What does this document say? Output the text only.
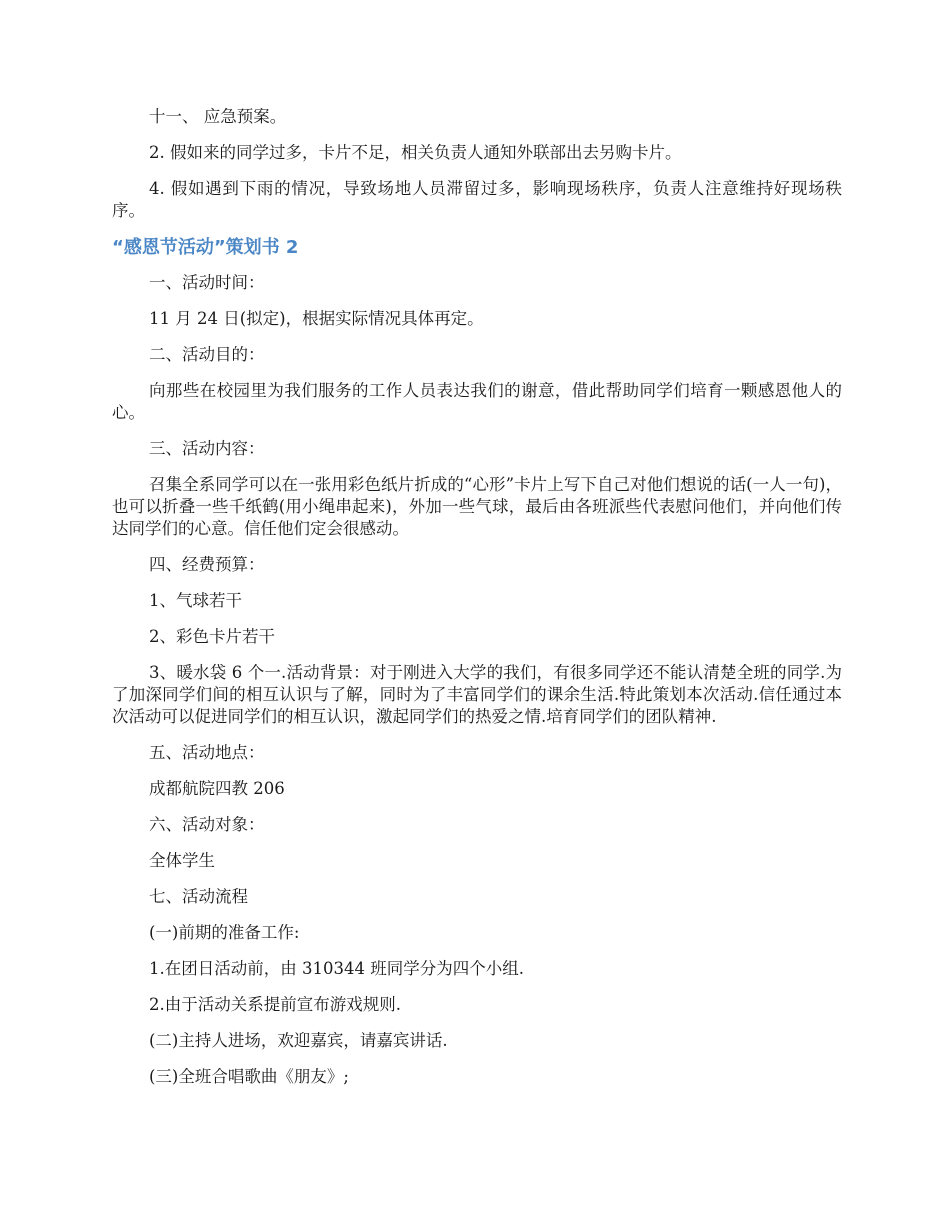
十一、 应急预案。

2. 假如来的同学过多，卡片不足，相关负责人通知外联部出去另购卡片。

4. 假如遇到下雨的情况，导致场地人员滞留过多，影响现场秩序，负责人注意维持好现场秩序。

“感恩节活动”策划书 2

一、活动时间：

11 月 24 日(拟定)，根据实际情况具体再定。

二、活动目的：

向那些在校园里为我们服务的工作人员表达我们的谢意，借此帮助同学们培育一颗感恩他人的心。

三、活动内容：

召集全系同学可以在一张用彩色纸片折成的“心形”卡片上写下自己对他们想说的话(一人一句)，也可以折叠一些千纸鹤(用小绳串起来)，外加一些气球，最后由各班派些代表慰问他们，并向他们传达同学们的心意。信任他们定会很感动。

四、经费预算：

1、气球若干

2、彩色卡片若干

3、暖水袋 6 个一.活动背景：对于刚进入大学的我们，有很多同学还不能认清楚全班的同学.为了加深同学们间的相互认识与了解，同时为了丰富同学们的课余生活.特此策划本次活动.信任通过本次活动可以促进同学们的相互认识，激起同学们的热爱之情.培育同学们的团队精神.

五、活动地点：

成都航院四教 206

六、活动对象：

全体学生

七、活动流程

(一)前期的准备工作:

1.在团日活动前，由 310344 班同学分为四个小组.

2.由于活动关系提前宣布游戏规则.

(二)主持人进场，欢迎嘉宾，请嘉宾讲话.

(三)全班合唱歌曲《朋友》;
